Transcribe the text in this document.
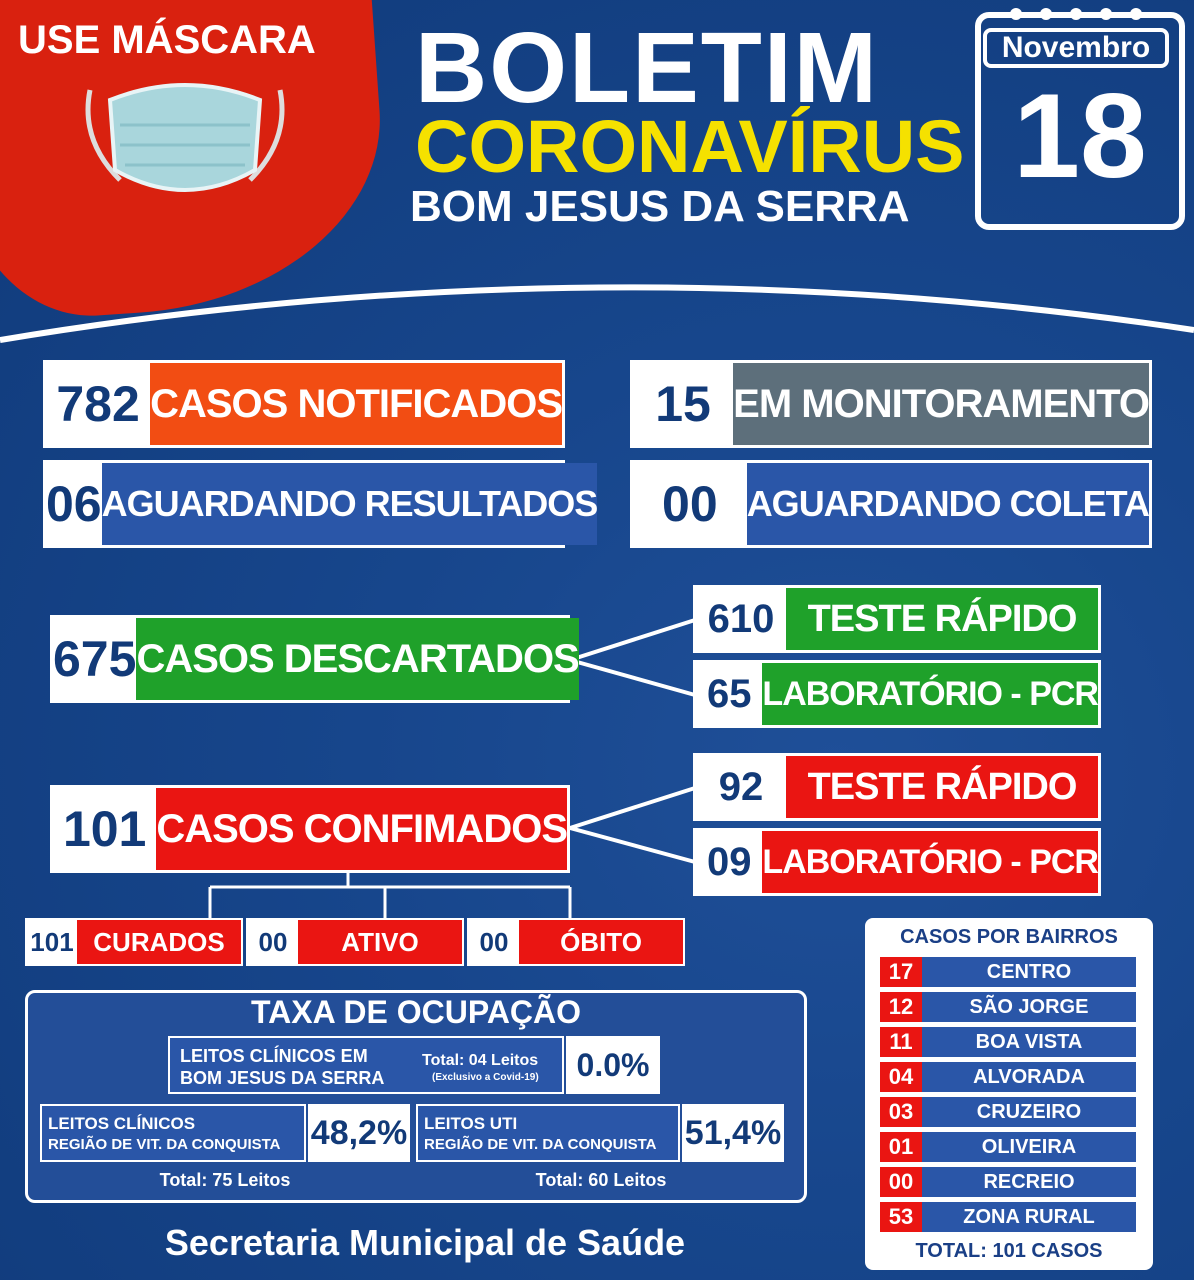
USE MÁSCARA BOLETIM
CORONAVÍRUS
BOM JESUS DA SERRA
Novembro
18
782 CASOS NOTIFICADOS	15 EM MONITORAMENTO
06 AGUARDANDO RESULTADOS	00 AGUARDANDO COLETA
675 CASOS DESCARTADOS
610 TESTE RÁPIDO
65 LABORATÓRIO - PCR
101 CASOS CONFIMADOS
92	TESTE RÁPIDO
09 LABORATÓRIO - PCR
101 CURADOS	00	ATIVO	00	ÓBITO
TAXA DE OCUPAÇÃO
LEITOS CLÍNICOS EM
BOM JESUS DA SERRA
Total: 04 Leitos
(Exclusivo a Covid-19)	0.0%
LEITOS CLÍNICOS
REGIÃO DE VIT. DA CONQUISTA 48,2%
Total: 75 Leitos
LEITOS UTI
REGIÃO DE VIT. DA CONQUISTA 51,4%
Total: 60 Leitos
Secretaria Municipal de Saúde
CASOS POR BAIRROS
17	CENTRO
12	SÃO JORGE
11	BOA VISTA
04	ALVORADA
03	CRUZEIRO
01	OLIVEIRA
00	RECREIO
53	ZONA RURAL
TOTAL: 101 CASOS
